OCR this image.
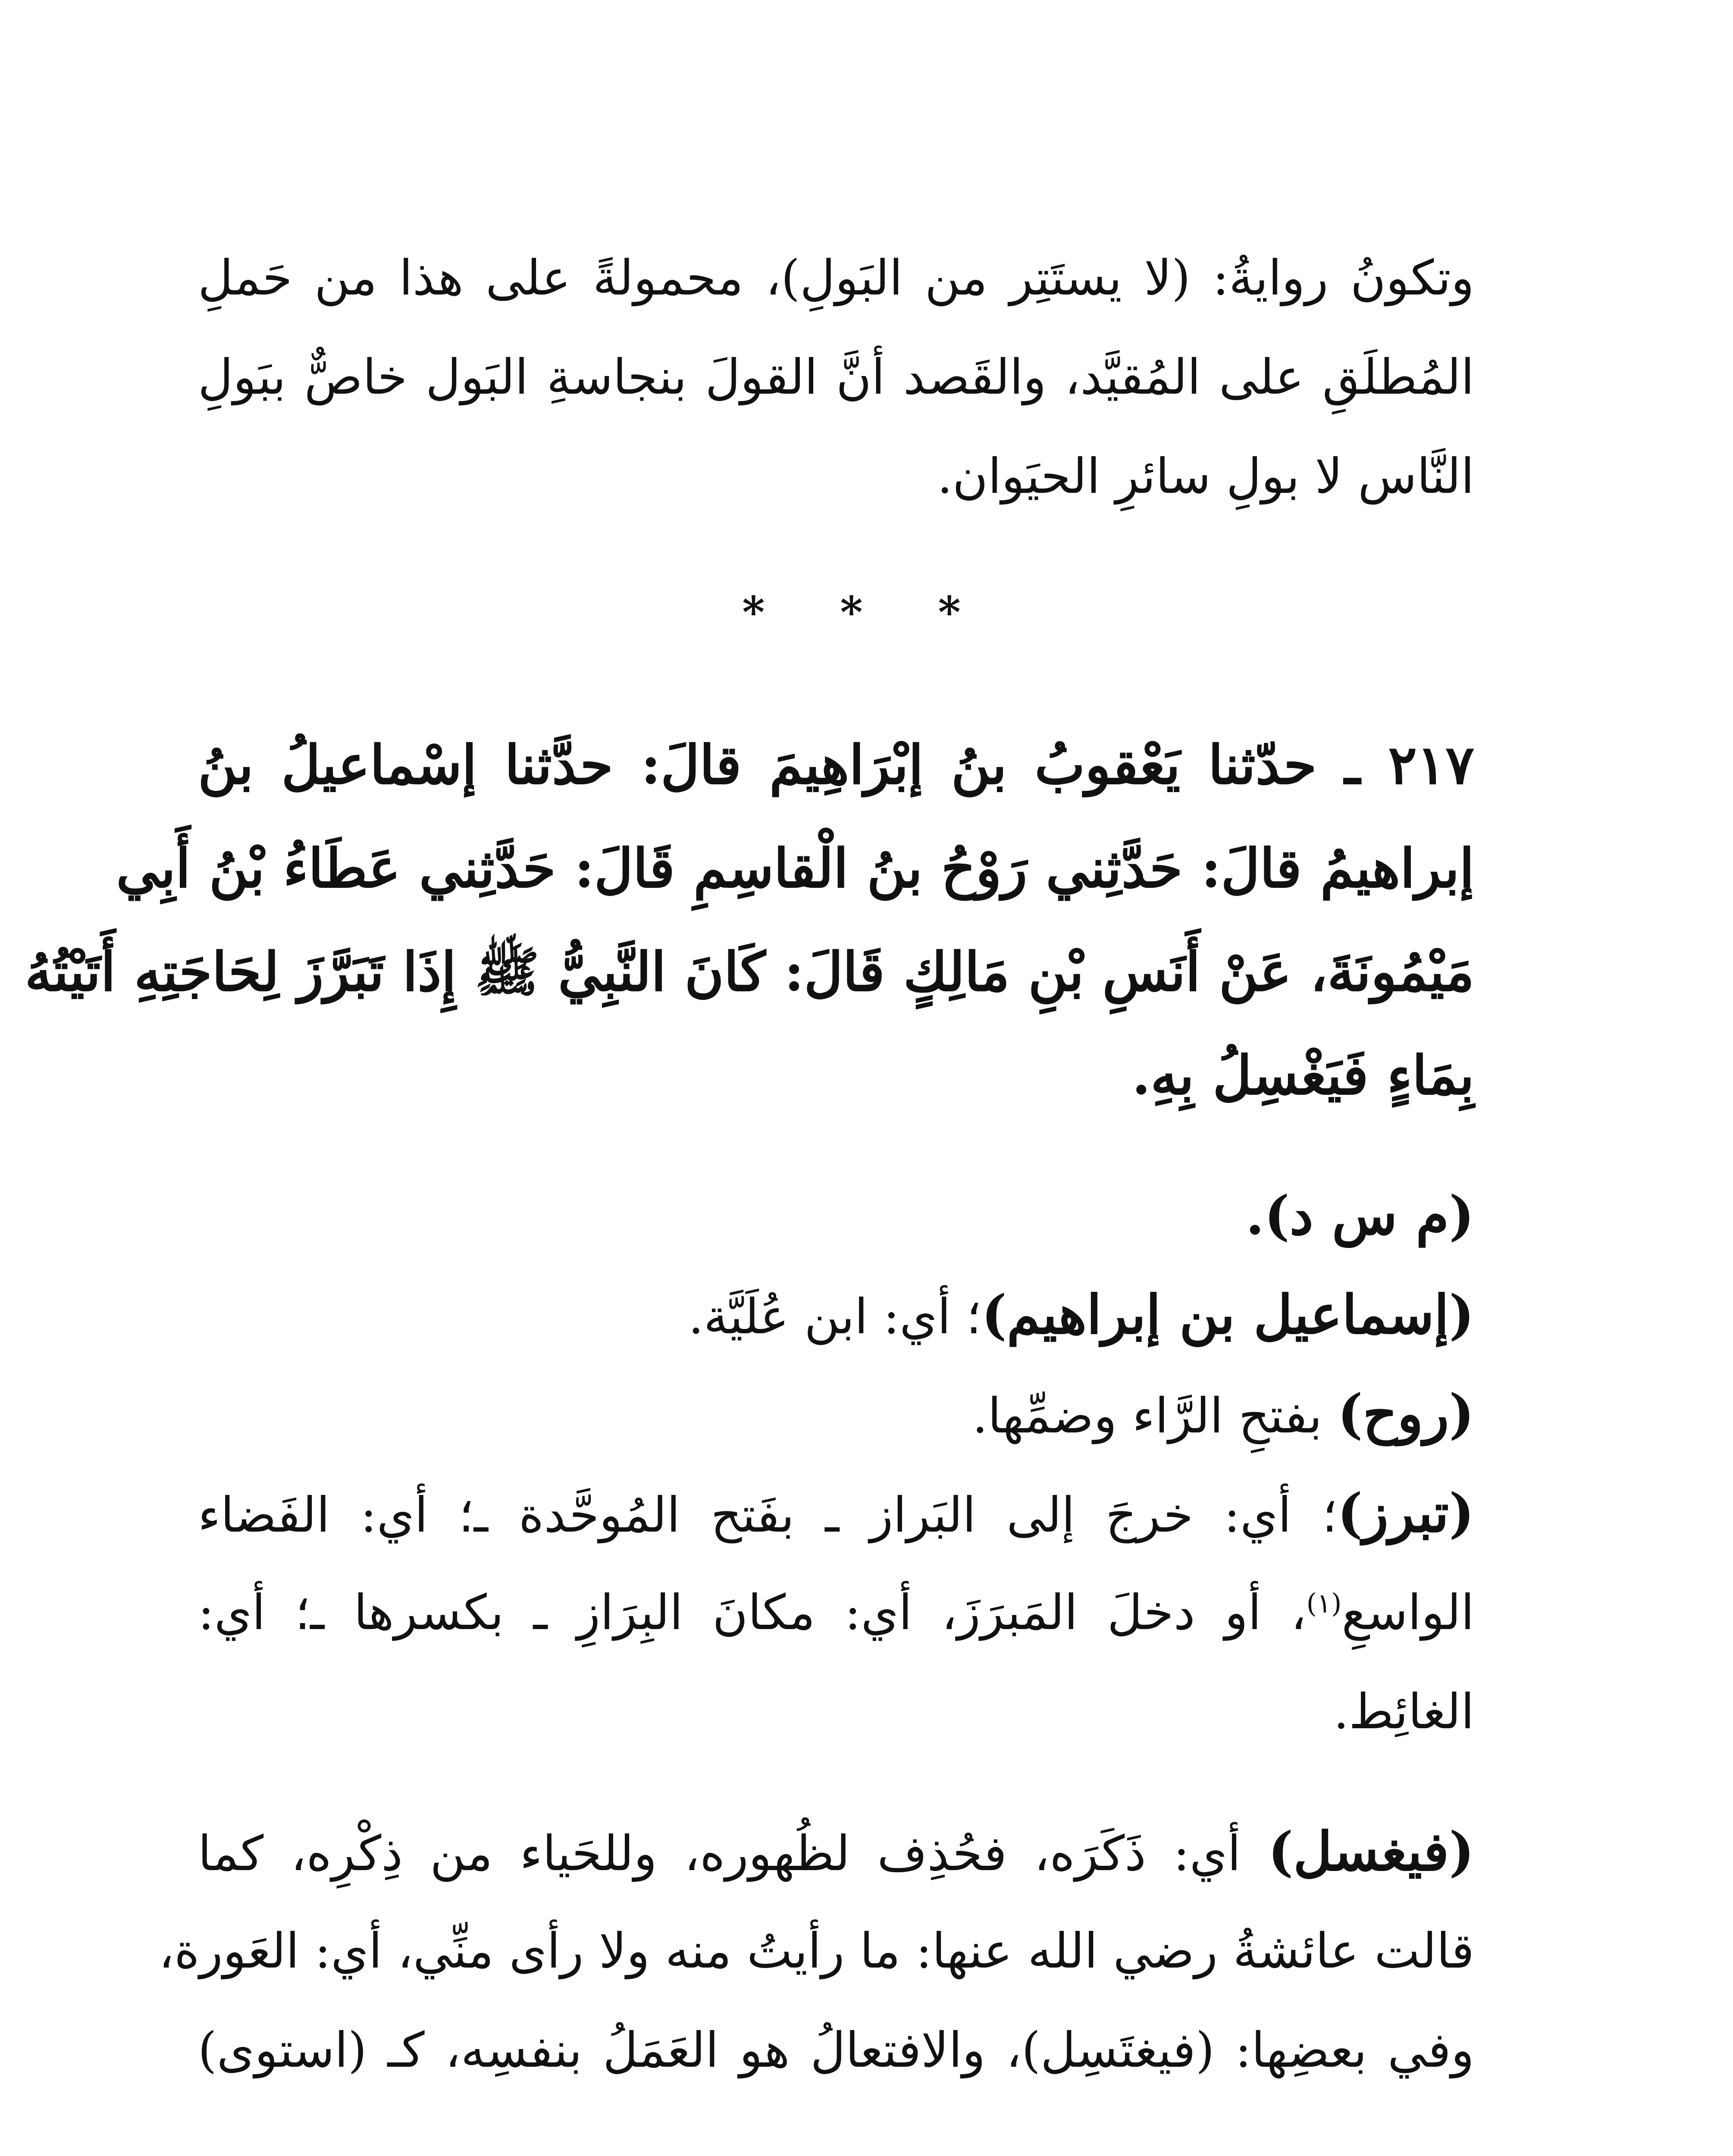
وتكونُ روايةُ: (لا يستَتِر من البَولِ)، محمولةً على هذا من حَملِ
المُطلَقِ على المُقيَّد، والقَصد أنَّ القولَ بنجاسةِ البَول خاصٌّ ببَولِ
النَّاس لا بولِ سائرِ الحيَوان.
* * *
٢١٧ ـ حدّثنا يَعْقوبُ بنُ إبْرَاهِيمَ قالَ: حدَّثنا إسْماعيلُ بنُ
إبراهيمُ قالَ: حَدَّثِني رَوْحُ بنُ الْقاسِمِ قَالَ: حَدَّثِني عَطَاءُ بْنُ أَبِي
مَيْمُونَةَ، عَنْ أَنَسِ بْنِ مَالِكٍ قَالَ: كَانَ النَّبِيُّ ﷺ إِذَا تَبَرَّزَ لِحَاجَتِهِ أَتَيْتُهُ
بِمَاءٍ فَيَغْسِلُ بِهِ.
(م س د).
(إسماعيل بن إبراهيم)؛ أي: ابن عُلَيَّة.
(روح) بفتحِ الرَّاء وضمِّها.
(تبرز)؛ أي: خرجَ إلى البَراز ـ بفَتح المُوحَّدة ـ؛ أي: الفَضاء
الواسعِ$^{(١)}$، أو دخلَ المَبرَزَ، أي: مكانَ البِرَازِ ـ بكسرها ـ؛ أي:
الغائِط.
(فيغسل) أي: ذَكَرَه، فحُذِف لظُهوره، وللحَياء من ذِكْرِه، كما
قالت عائشةُ رضي الله عنها: ما رأيتُ منه ولا رأى منِّي، أي: العَورة،
وفي بعضِها: (فيغتَسِل)، والافتعالُ هو العَمَلُ بنفسِه، كـ (استوى)
